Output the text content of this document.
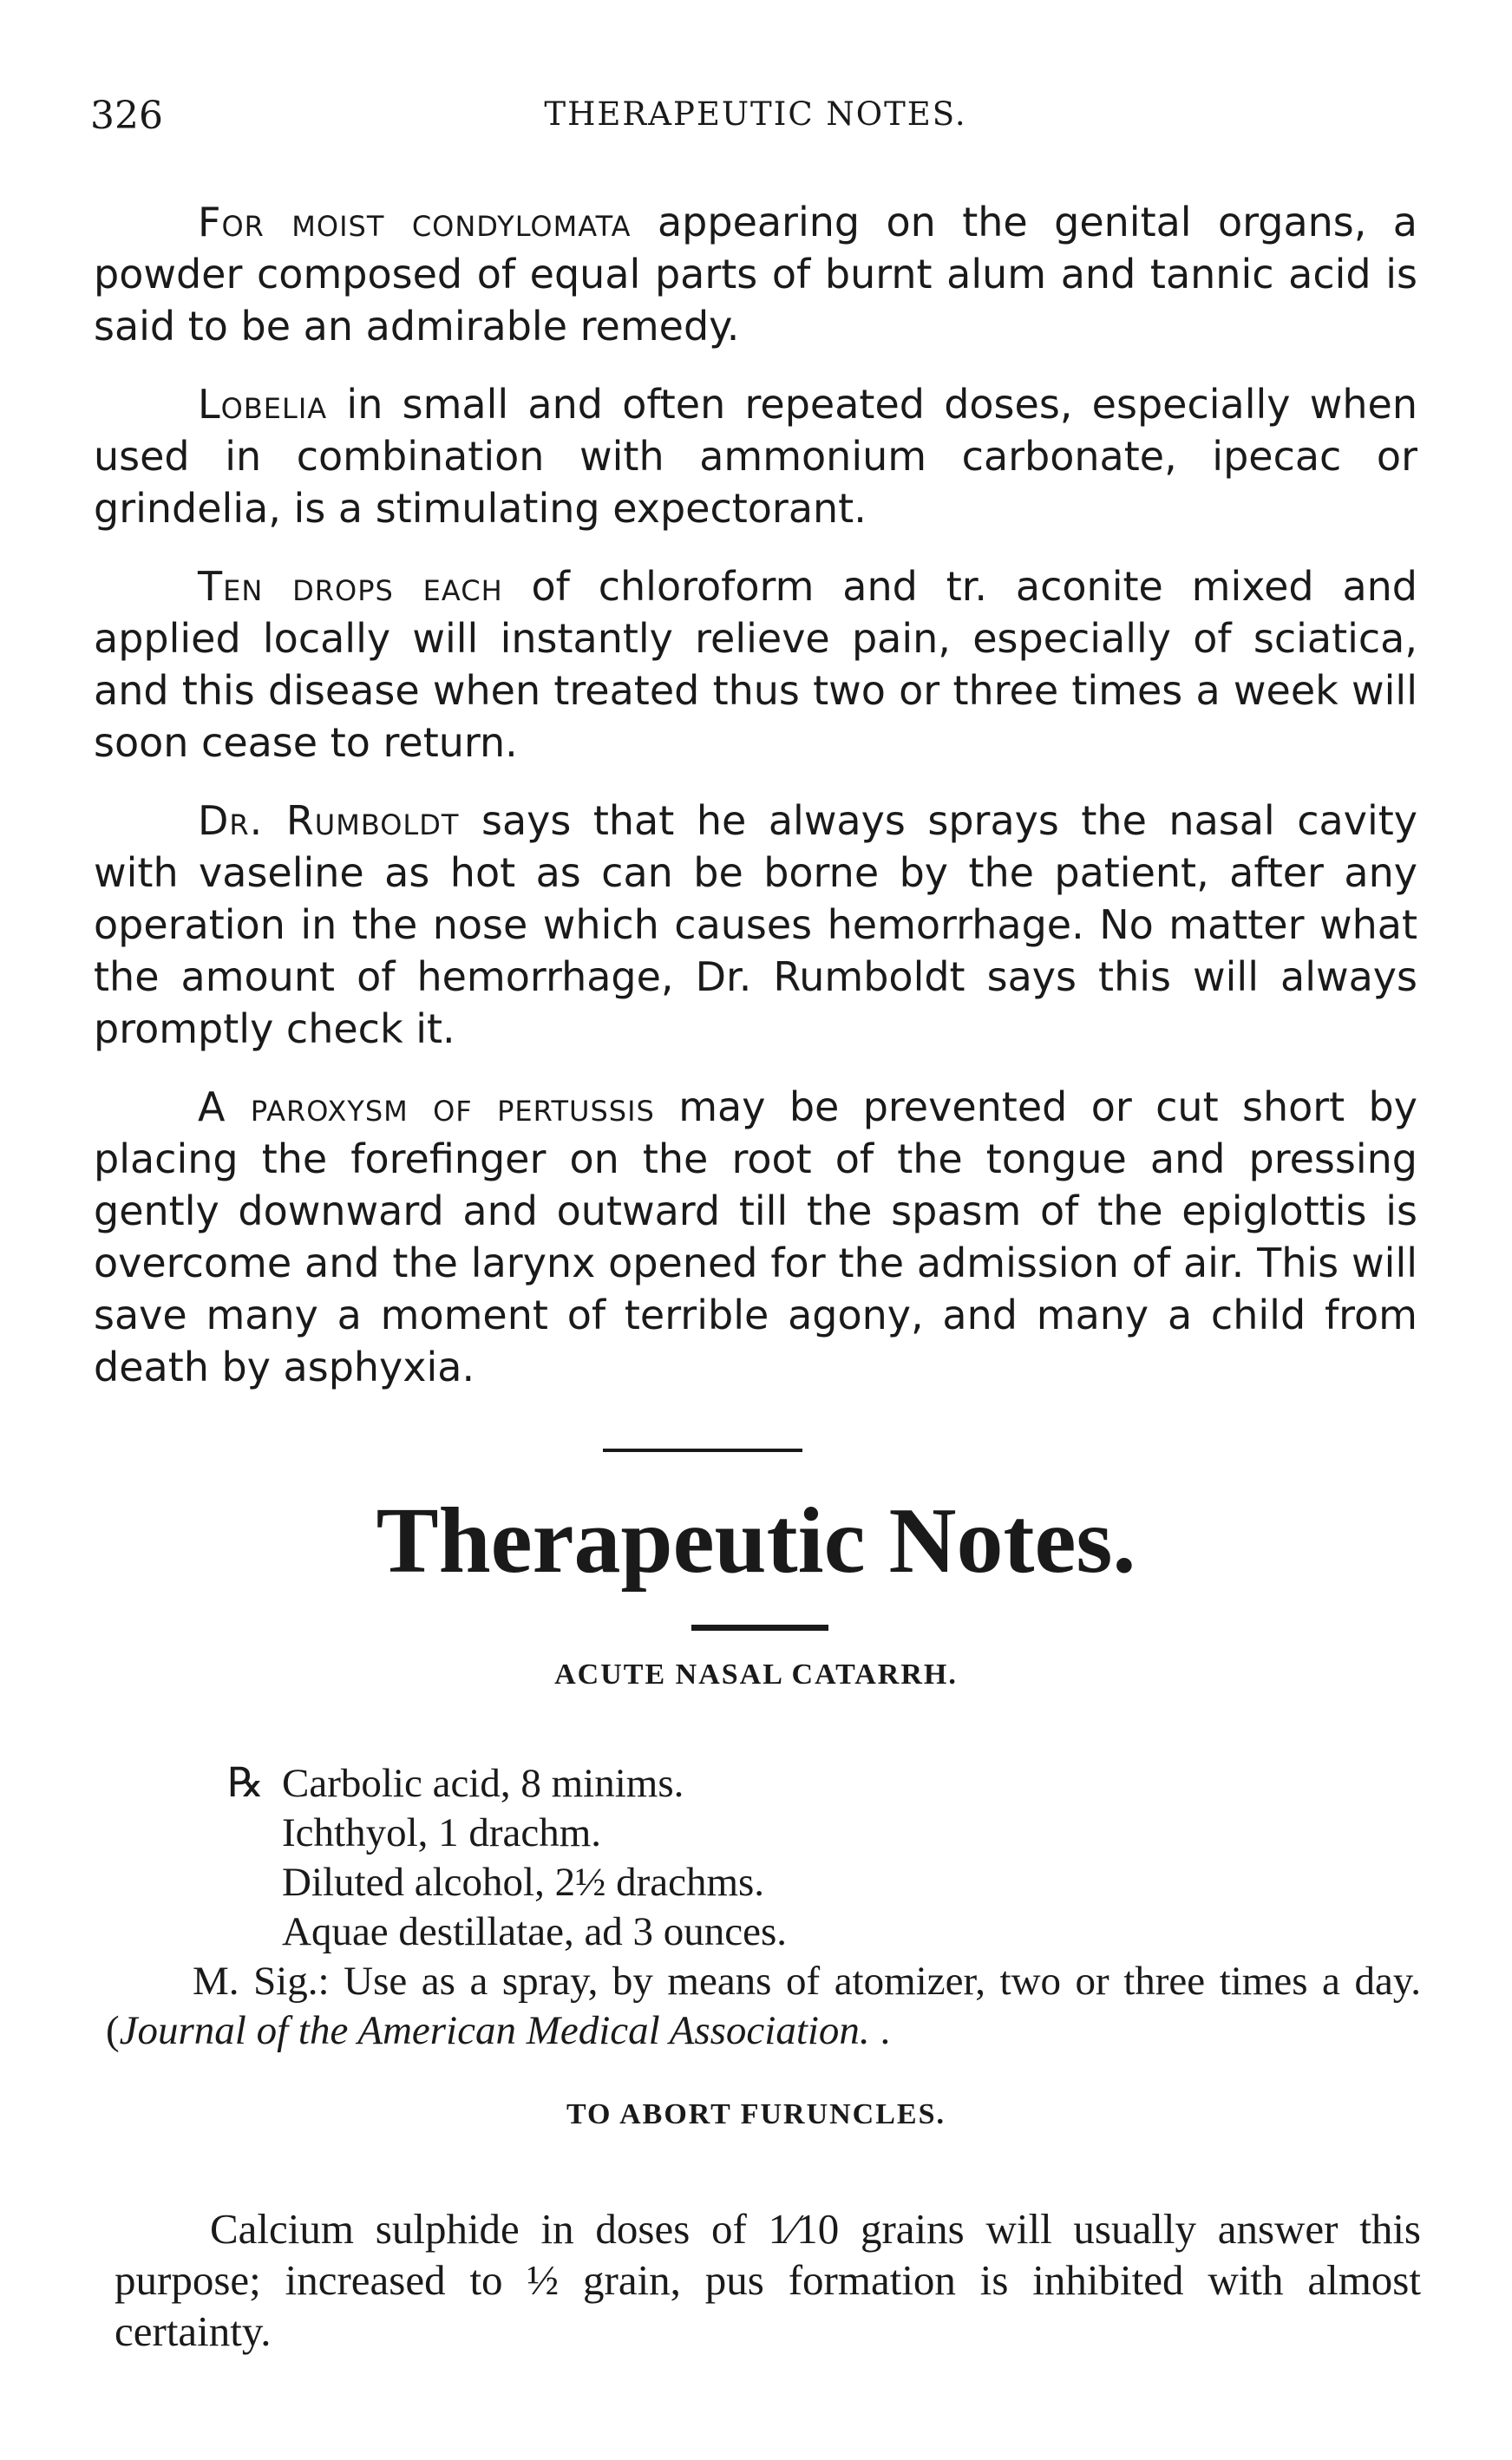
326	THERAPEUTIC NOTES.

For moist condylomata appearing on the genital organs, a powder composed of equal parts of burnt alum and tannic acid is said to be an admirable remedy.

Lobelia in small and often repeated doses, especially when used in combination with ammonium carbonate, ipecac or grindelia, is a stimulating expectorant.

Ten drops each of chloroform and tr. aconite mixed and applied locally will instantly relieve pain, especially of sciatica, and this disease when treated thus two or three times a week will soon cease to return.

Dr. Rumboldt says that he always sprays the nasal cavity with vaseline as hot as can be borne by the patient, after any operation in the nose which causes hemorrhage. No matter what the amount of hemorrhage, Dr. Rumboldt says this will always promptly check it.

A paroxysm of pertussis may be prevented or cut short by placing the forefinger on the root of the tongue and pressing gently downward and outward till the spasm of the epiglottis is overcome and the larynx opened for the admission of air. This will save many a moment of terrible agony, and many a child from death by asphyxia.

Therapeutic Notes.
ACUTE NASAL CATARRH.
℞ Carbolic acid, 8 minims.
Ichthyol, 1 drachm.
Diluted alcohol, 2½ drachms.
Aquae destillatae, ad 3 ounces.
M. Sig.: Use as a spray, by means of atomizer, two or three times a day. (Journal of the American Medical Association. .
TO ABORT FURUNCLES.
Calcium sulphide in doses of 1⁄10 grains will usually answer this purpose; increased to ½ grain, pus formation is inhibited with almost certainty.
